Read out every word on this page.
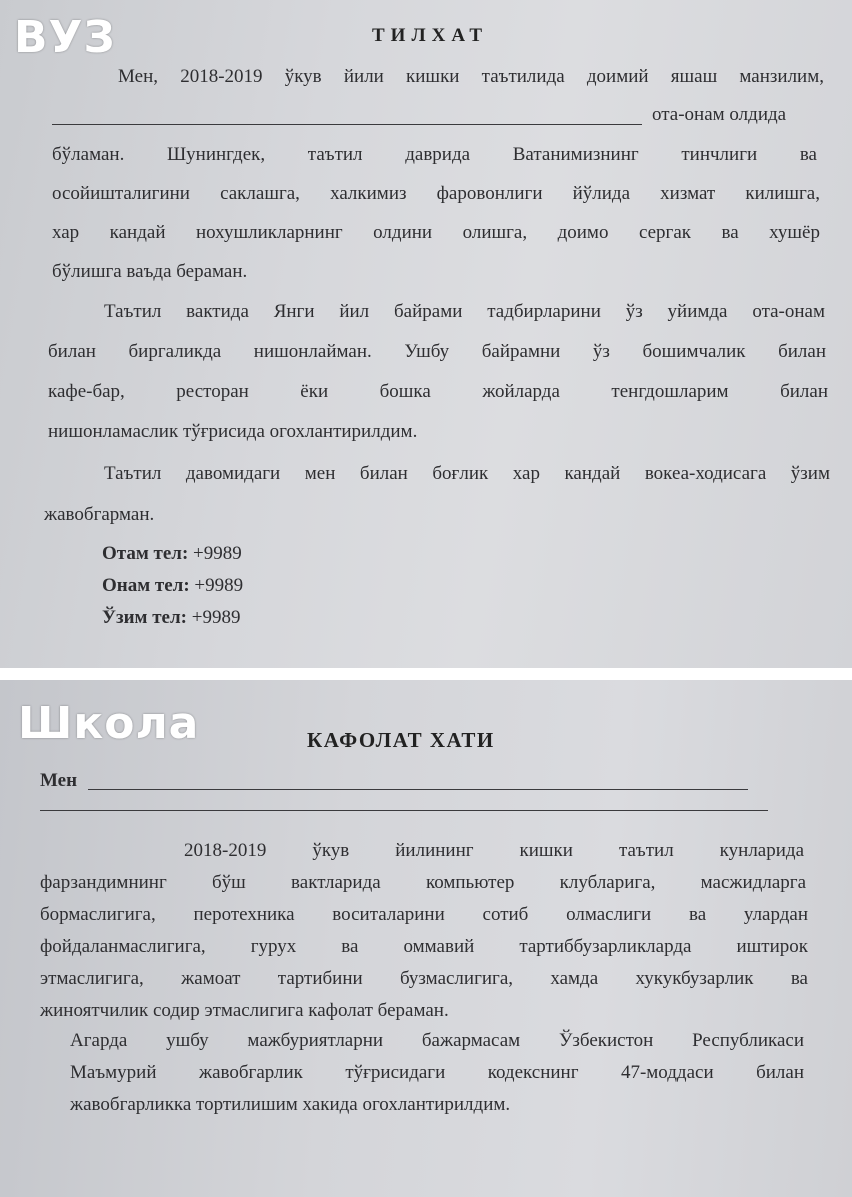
ВУЗ	ТИЛХАТ
Мен, 2018-2019 ўкув йили кишки таътилида доимий яшаш манзилим,
ота-онам олдида
бўламан. Шунингдек, таътил даврида Ватанимизнинг тинчлиги ва
осойишталигини саклашга, халкимиз фаровонлиги йўлида хизмат килишга,
хар кандай нохушликларнинг олдини олишга, доимо сергак ва хушёр
бўлишга ваъда бераман.
Таътил вактида Янги йил байрами тадбирларини ўз уйимда ота-онам
билан биргаликда нишонлайман. Ушбу байрамни ўз бошимчалик билан
кафе-бар, ресторан ёки бошка жойларда тенгдошларим билан
нишонламаслик тўғрисида огохлантирилдим.
Таътил давомидаги мен билан боғлик хар кандай вокеа-ходисага ўзим
жавобгарман.
Отам тел: +9989
Онам тел: +9989
Ўзим тел: +9989
Школа	КАФОЛАТ ХАТИ
Мен
2018-2019 ўкув йилининг кишки таътил кунларида
фарзандимнинг бўш вактларида компьютер клубларига, масжидларга
бормаслигига, перотехника воситаларини сотиб олмаслиги ва улардан
фойдаланмаслигига, гурух ва оммавий тартиббузарликларда иштирок
этмаслигига, жамоат тартибини бузмаслигига, хамда хукукбузарлик ва
жиноятчилик содир этмаслигига кафолат бераман.
Агарда ушбу мажбуриятларни бажармасам Ўзбекистон Республикаси
Маъмурий жавобгарлик тўғрисидаги кодекснинг 47-моддаси билан
жавобгарликка тортилишим хакида огохлантирилдим.
